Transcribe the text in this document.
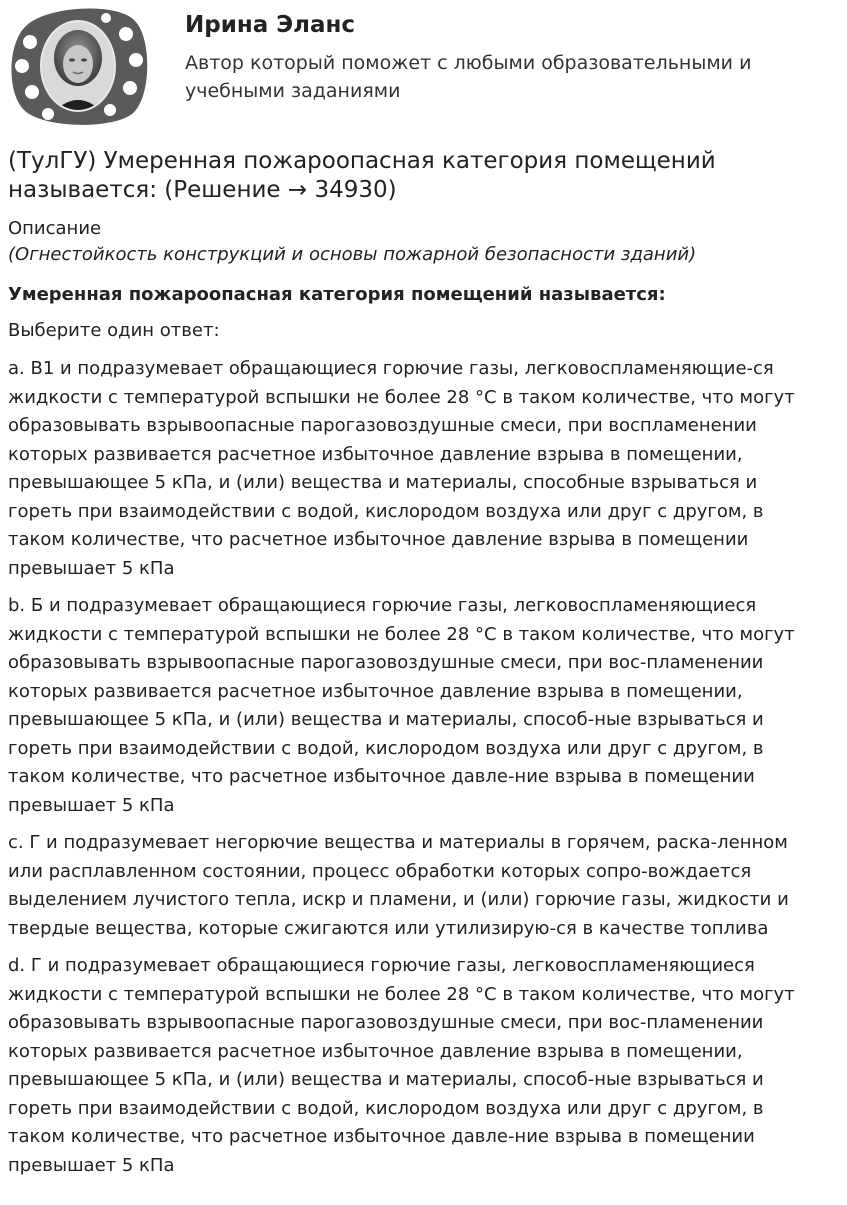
Ирина Эланс
Автор который поможет с любыми образовательными и
учебными заданиями
(ТулГУ) Умеренная пожароопасная категория помещений
называется: (Решение → 34930)
Описание
(Огнестойкость конструкций и основы пожарной безопасности зданий)
Умеренная пожароопасная категория помещений называется:
Выберите один ответ:
a. В1 и подразумевает обращающиеся горючие газы, легковоспламеняющие-ся
жидкости с температурой вспышки не более 28 °С в таком количестве, что могут
образовывать взрывоопасные парогазовоздушные смеси, при воспламенении
которых развивается расчетное избыточное давление взрыва в помещении,
превышающее 5 кПа, и (или) вещества и материалы, способные взрываться и
гореть при взаимодействии с водой, кислородом воздуха или друг с другом, в
таком количестве, что расчетное избыточное давление взрыва в помещении
превышает 5 кПа
b. Б и подразумевает обращающиеся горючие газы, легковоспламеняющиеся
жидкости с температурой вспышки не более 28 °С в таком количестве, что могут
образовывать взрывоопасные парогазовоздушные смеси, при вос-пламенении
которых развивается расчетное избыточное давление взрыва в помещении,
превышающее 5 кПа, и (или) вещества и материалы, способ-ные взрываться и
гореть при взаимодействии с водой, кислородом воздуха или друг с другом, в
таком количестве, что расчетное избыточное давле-ние взрыва в помещении
превышает 5 кПа
c. Г и подразумевает негорючие вещества и материалы в горячем, раска-ленном
или расплавленном состоянии, процесс обработки которых сопро-вождается
выделением лучистого тепла, искр и пламени, и (или) горючие газы, жидкости и
твердые вещества, которые сжигаются или утилизирую-ся в качестве топлива
d. Г и подразумевает обращающиеся горючие газы, легковоспламеняющиеся
жидкости с температурой вспышки не более 28 °С в таком количестве, что могут
образовывать взрывоопасные парогазовоздушные смеси, при вос-пламенении
которых развивается расчетное избыточное давление взрыва в помещении,
превышающее 5 кПа, и (или) вещества и материалы, способ-ные взрываться и
гореть при взаимодействии с водой, кислородом воздуха или друг с другом, в
таком количестве, что расчетное избыточное давле-ние взрыва в помещении
превышает 5 кПа
